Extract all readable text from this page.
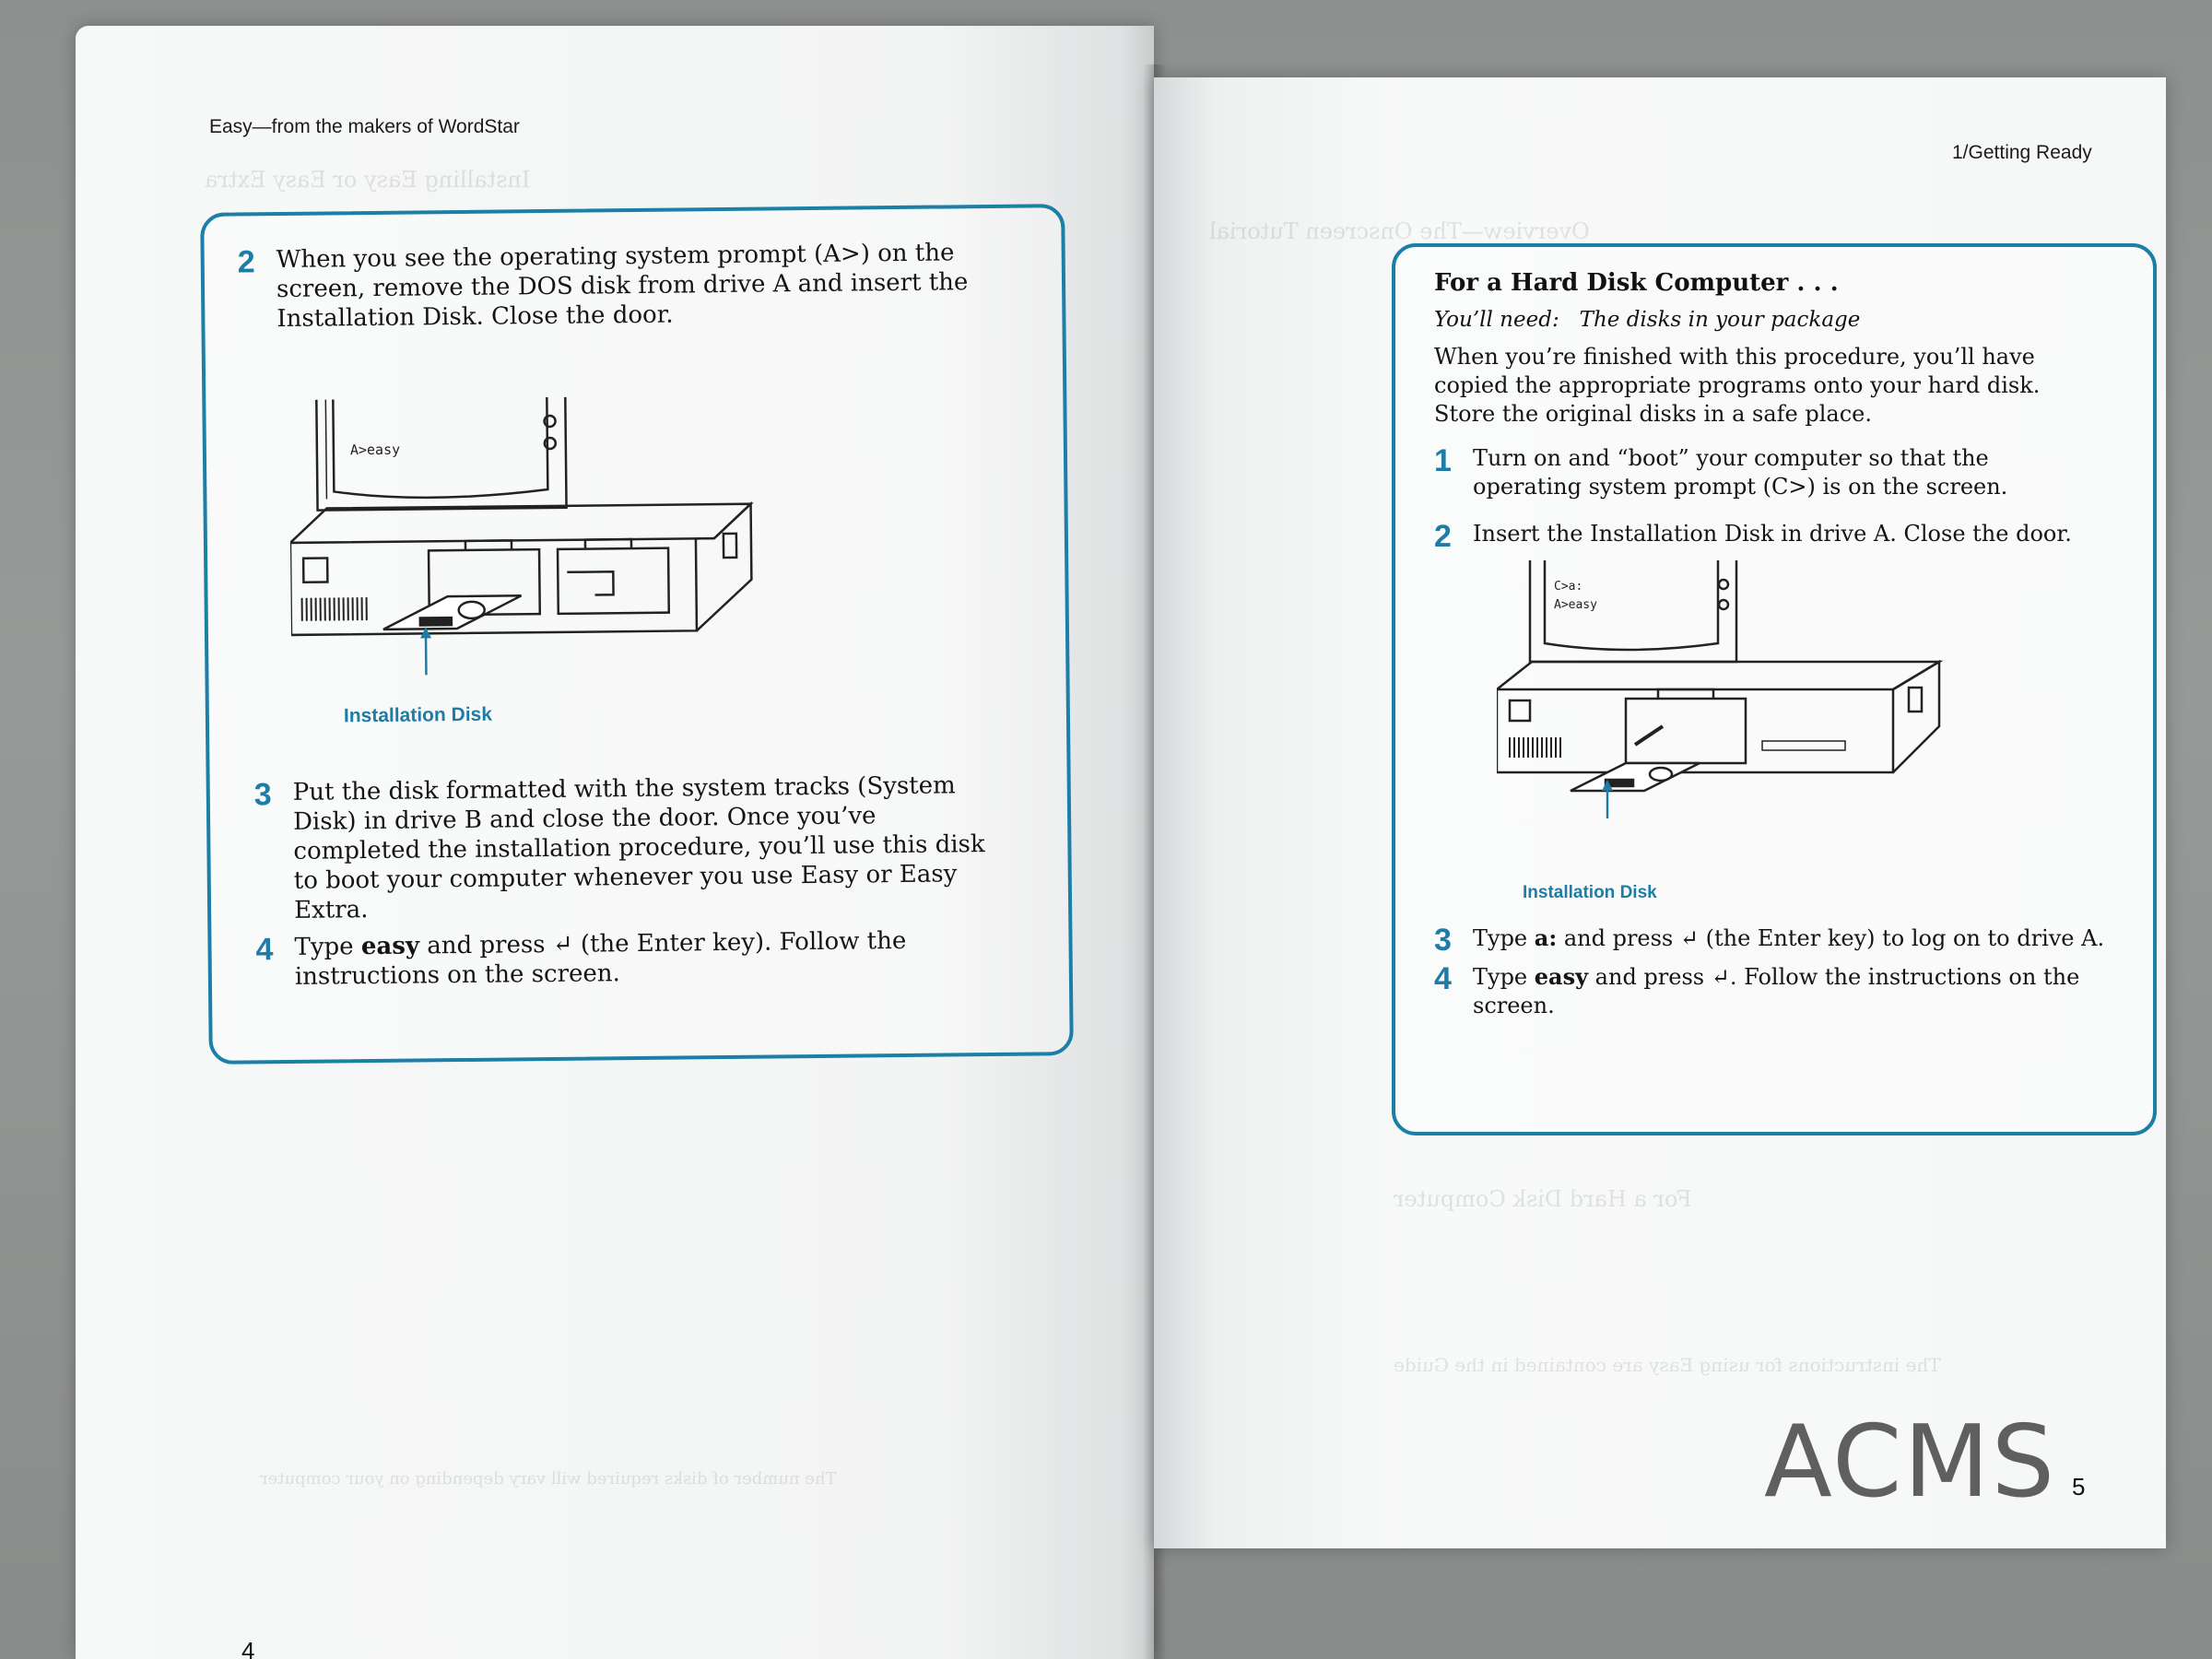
Installing Easy or Easy Extra
Easy—from the makers of WordStar
2 When you see the operating system prompt (A>) on the screen, remove the DOS disk from drive A and insert the Installation Disk. Close the door.
A>easy
Installation Disk
3 Put the disk formatted with the system tracks (System Disk) in drive B and close the door. Once you’ve completed the installation procedure, you’ll use this disk to boot your computer whenever you use Easy or Easy Extra.
4 Type easy and press ↵ (the Enter key). Follow the instructions on the screen.
The number of disks required will vary depending on your computer
4
1/Getting Ready
Overview—The Onscreen Tutorial
For a Hard Disk Computer . . .
You’ll need: The disks in your package
When you’re finished with this procedure, you’ll have copied the appropriate programs onto your hard disk. Store the original disks in a safe place.
1 Turn on and “boot” your computer so that the operating system prompt (C>) is on the screen.
2 Insert the Installation Disk in drive A. Close the door.
C>a:
A>easy
Installation Disk
3 Type a: and press ↵ (the Enter key) to log on to drive A.
4 Type easy and press ↵. Follow the instructions on the screen.
For a Hard Disk Computer
The instructions for using Easy are contained in the Guide
ACMS 5
